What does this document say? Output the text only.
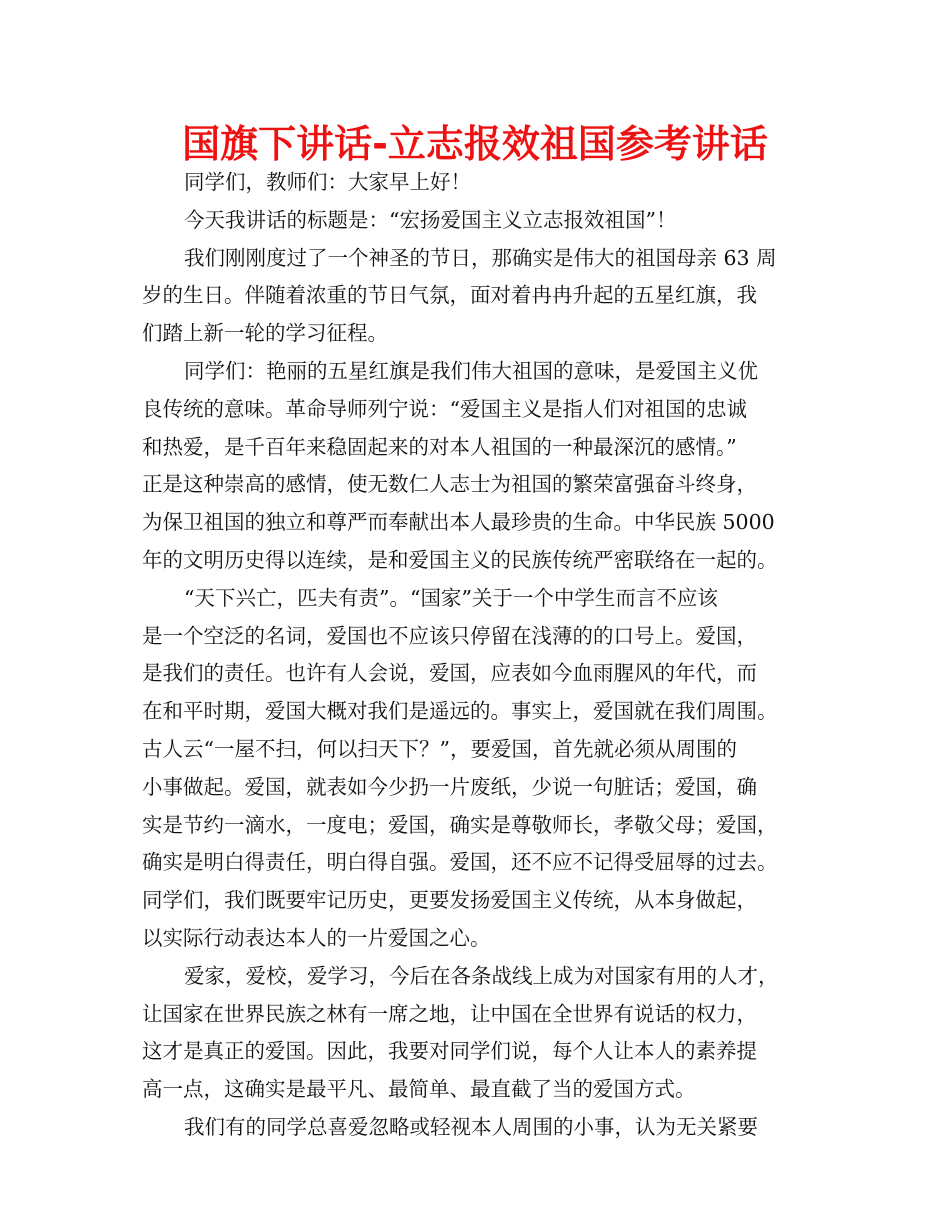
国旗下讲话-立志报效祖国参考讲话
同学们，教师们：大家早上好！
今天我讲话的标题是：“宏扬爱国主义立志报效祖国”！
我们刚刚度过了一个神圣的节日，那确实是伟大的祖国母亲 63 周
岁的生日。伴随着浓重的节日气氛，面对着冉冉升起的五星红旗，我
们踏上新一轮的学习征程。
同学们：艳丽的五星红旗是我们伟大祖国的意味，是爱国主义优
良传统的意味。革命导师列宁说：“爱国主义是指人们对祖国的忠诚
和热爱，是千百年来稳固起来的对本人祖国的一种最深沉的感情。”
正是这种崇高的感情，使无数仁人志士为祖国的繁荣富强奋斗终身，
为保卫祖国的独立和尊严而奉献出本人最珍贵的生命。中华民族 5000
年的文明历史得以连续，是和爱国主义的民族传统严密联络在一起的。
“天下兴亡，匹夫有责”。“国家”关于一个中学生而言不应该
是一个空泛的名词，爱国也不应该只停留在浅薄的的口号上。爱国，
是我们的责任。也许有人会说，爱国，应表如今血雨腥风的年代，而
在和平时期，爱国大概对我们是遥远的。事实上，爱国就在我们周围。
古人云“一屋不扫，何以扫天下？”，要爱国，首先就必须从周围的
小事做起。爱国，就表如今少扔一片废纸，少说一句脏话；爱国，确
实是节约一滴水，一度电；爱国，确实是尊敬师长，孝敬父母；爱国，
确实是明白得责任，明白得自强。爱国，还不应不记得受屈辱的过去。
同学们，我们既要牢记历史，更要发扬爱国主义传统，从本身做起，
以实际行动表达本人的一片爱国之心。
爱家，爱校，爱学习，今后在各条战线上成为对国家有用的人才，
让国家在世界民族之林有一席之地，让中国在全世界有说话的权力，
这才是真正的爱国。因此，我要对同学们说，每个人让本人的素养提
高一点，这确实是最平凡、最简单、最直截了当的爱国方式。
我们有的同学总喜爱忽略或轻视本人周围的小事，认为无关紧要
